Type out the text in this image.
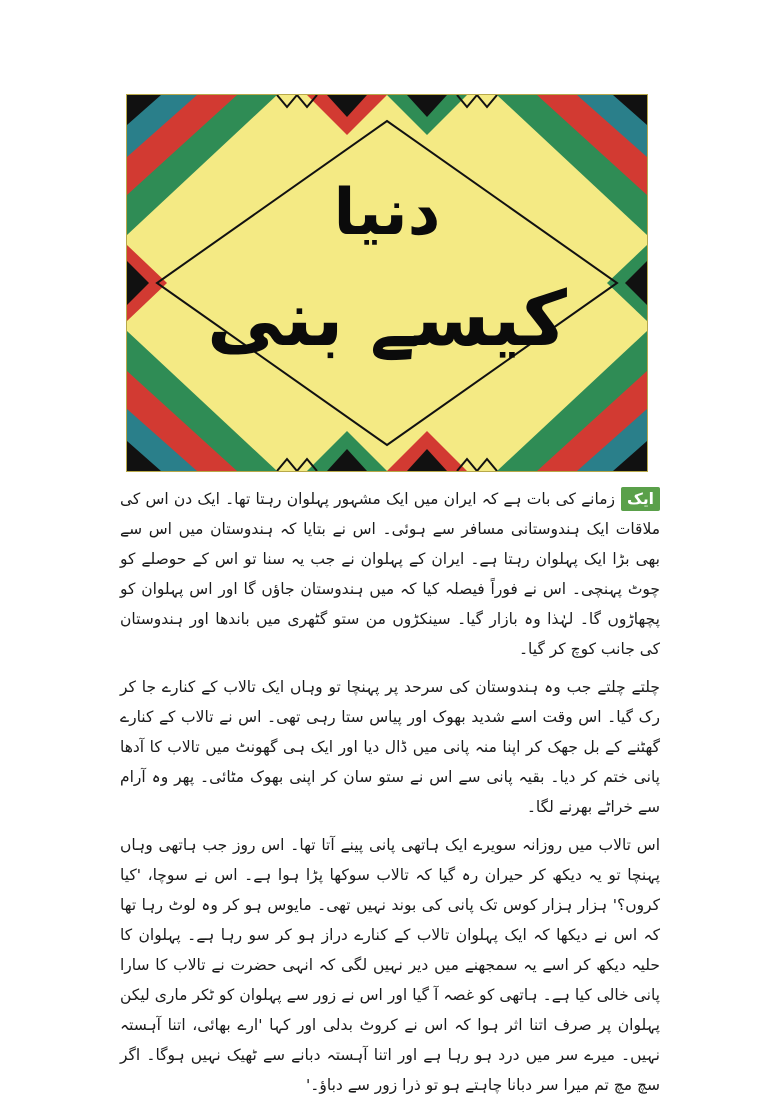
دنیا
کیسے بنی

ایکزمانے کی بات ہے کہ ایران میں ایک مشہور پہلوان رہتا تھا۔ ایک دن اس کی ملاقات ایک ہندوستانی مسافر سے ہوئی۔ اس نے بتایا کہ ہندوستان میں اس سے بھی بڑا ایک پہلوان رہتا ہے۔ ایران کے پہلوان نے جب یہ سنا تو اس کے حوصلے کو چوٹ پہنچی۔ اس نے فوراً فیصلہ کیا کہ میں ہندوستان جاؤں گا اور اس پہلوان کو پچھاڑوں گا۔ لہٰذا وہ بازار گیا۔ سینکڑوں من ستو گٹھری میں باندھا اور ہندوستان کی جانب کوچ کر گیا۔

چلتے چلتے جب وہ ہندوستان کی سرحد پر پہنچا تو وہاں ایک تالاب کے کنارے جا کر رک گیا۔ اس وقت اسے شدید بھوک اور پیاس ستا رہی تھی۔ اس نے تالاب کے کنارے گھٹنے کے بل جھک کر اپنا منہ پانی میں ڈال دیا اور ایک ہی گھونٹ میں تالاب کا آدھا پانی ختم کر دیا۔ بقیہ پانی سے اس نے ستو سان کر اپنی بھوک مٹائی۔ پھر وہ آرام سے خراٹے بھرنے لگا۔

اس تالاب میں روزانہ سویرے ایک ہاتھی پانی پینے آتا تھا۔ اس روز جب ہاتھی وہاں پہنچا تو یہ دیکھ کر حیران رہ گیا کہ تالاب سوکھا پڑا ہوا ہے۔ اس نے سوچا، 'کیا کروں؟' ہزار ہزار کوس تک پانی کی بوند نہیں تھی۔ مایوس ہو کر وہ لوٹ رہا تھا کہ اس نے دیکھا کہ ایک پہلوان تالاب کے کنارے دراز ہو کر سو رہا ہے۔ پہلوان کا حلیہ دیکھ کر اسے یہ سمجھنے میں دیر نہیں لگی کہ انہی حضرت نے تالاب کا سارا پانی خالی کیا ہے۔ ہاتھی کو غصہ آ گیا اور اس نے زور سے پہلوان کو ٹکر ماری لیکن پہلوان پر صرف اتنا اثر ہوا کہ اس نے کروٹ بدلی اور کہا 'ارے بھائی، اتنا آہستہ نہیں۔ میرے سر میں درد ہو رہا ہے اور اتنا آہستہ دبانے سے ٹھیک نہیں ہوگا۔ اگر سچ مچ تم میرا سر دبانا چاہتے ہو تو ذرا زور سے دباؤ۔'
